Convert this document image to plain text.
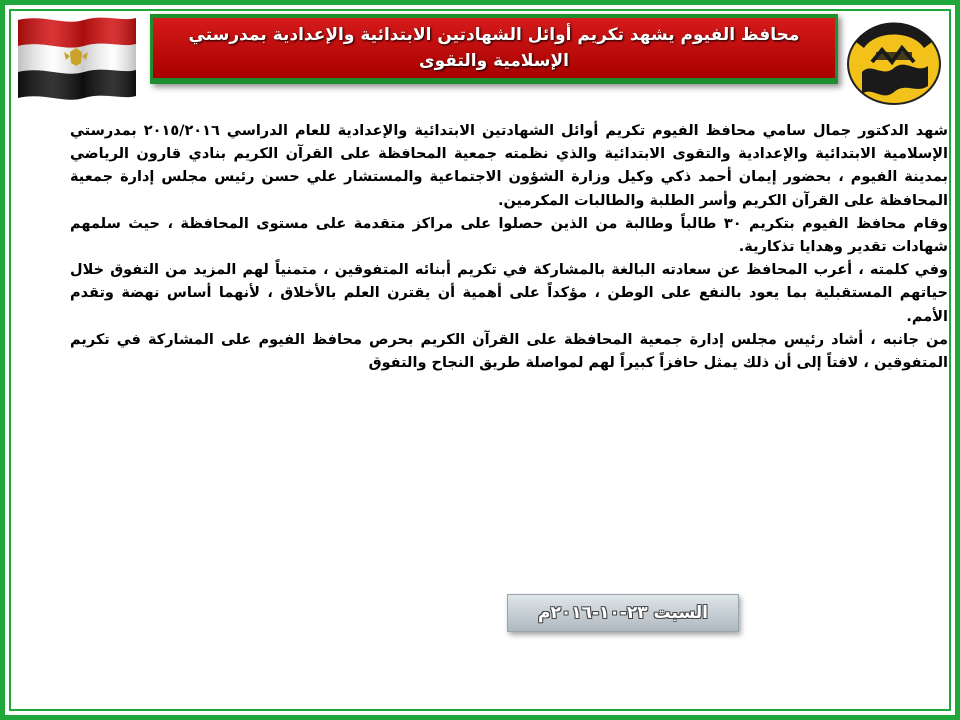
محافظ الفيوم يشهد تكريم أوائل الشهادتين الابتدائية والإعدادية بمدرستي الإسلامية والتقوى

شهد الدكتور جمال سامي محافظ الفيوم تكريم أوائل الشهادتين الابتدائية والإعدادية للعام الدراسي ٢٠١٥/٢٠١٦ بمدرستي الإسلامية الابتدائية والإعدادية والتقوى الابتدائية والذي نظمته جمعية المحافظة على القرآن الكريم بنادي قارون الرياضي بمدينة الفيوم ، بحضور إيمان أحمد ذكي وكيل وزارة الشؤون الاجتماعية والمستشار علي حسن رئيس مجلس إدارة جمعية المحافظة على القرآن الكريم وأسر الطلبة والطالبات المكرمين.

وقام محافظ الفيوم بتكريم ٣٠ طالباً وطالبة من الذين حصلوا على مراكز متقدمة على مستوى المحافظة ، حيث سلمهم شهادات تقدير وهدايا تذكارية.

وفي كلمته ، أعرب المحافظ عن سعادته البالغة بالمشاركة في تكريم أبنائه المتفوقين ، متمنياً لهم المزيد من التفوق خلال حياتهم المستقبلية بما يعود بالنفع على الوطن ، مؤكداً على أهمية أن يقترن العلم بالأخلاق ، لأنهما أساس نهضة وتقدم الأمم.

من جانبه ، أشاد رئيس مجلس إدارة جمعية المحافظة على القرآن الكريم بحرص محافظ الفيوم على المشاركة في تكريم المتفوقين ، لافتاً إلى أن ذلك يمثل حافزاً كبيراً لهم لمواصلة طريق النجاح والتفوق

السبت ٢٣-١٠-٢٠١٦م
